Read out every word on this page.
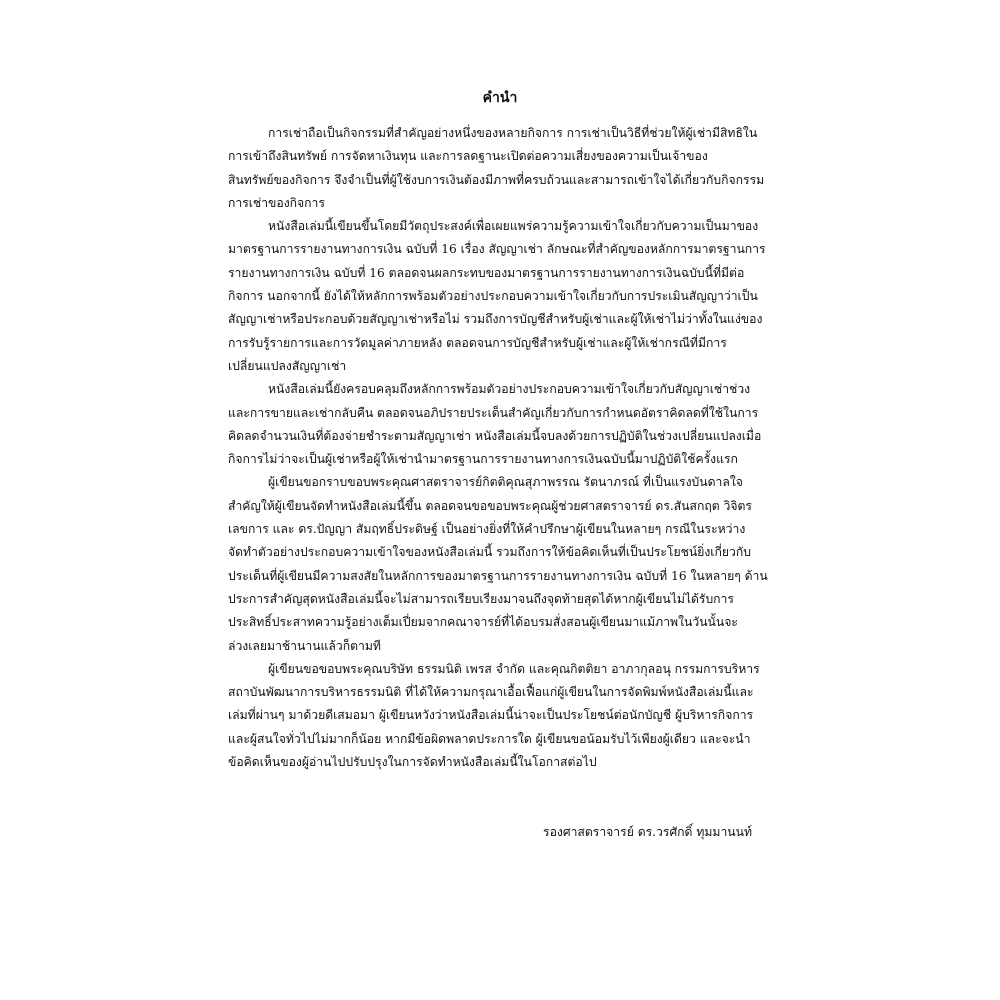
คำนำ

การเช่าถือเป็นกิจกรรมที่สำคัญอย่างหนึ่งของหลายกิจการ การเช่าเป็นวิธีที่ช่วยให้ผู้เช่ามีสิทธิใน
การเข้าถึงสินทรัพย์ การจัดหาเงินทุน และการลดฐานะเปิดต่อความเสี่ยงของความเป็นเจ้าของ
สินทรัพย์ของกิจการ จึงจำเป็นที่ผู้ใช้งบการเงินต้องมีภาพที่ครบถ้วนและสามารถเข้าใจได้เกี่ยวกับกิจกรรม
การเช่าของกิจการ

หนังสือเล่มนี้เขียนขึ้นโดยมีวัตถุประสงค์เพื่อเผยแพร่ความรู้ความเข้าใจเกี่ยวกับความเป็นมาของ
มาตรฐานการรายงานทางการเงิน ฉบับที่ 16 เรื่อง สัญญาเช่า ลักษณะที่สำคัญของหลักการมาตรฐานการ
รายงานทางการเงิน ฉบับที่ 16 ตลอดจนผลกระทบของมาตรฐานการรายงานทางการเงินฉบับนี้ที่มีต่อ
กิจการ นอกจากนี้ ยังได้ให้หลักการพร้อมตัวอย่างประกอบความเข้าใจเกี่ยวกับการประเมินสัญญาว่าเป็น
สัญญาเช่าหรือประกอบด้วยสัญญาเช่าหรือไม่ รวมถึงการบัญชีสำหรับผู้เช่าและผู้ให้เช่าไม่ว่าทั้งในแง่ของ
การรับรู้รายการและการวัดมูลค่าภายหลัง ตลอดจนการบัญชีสำหรับผู้เช่าและผู้ให้เช่ากรณีที่มีการ
เปลี่ยนแปลงสัญญาเช่า

หนังสือเล่มนี้ยังครอบคลุมถึงหลักการพร้อมตัวอย่างประกอบความเข้าใจเกี่ยวกับสัญญาเช่าช่วง
และการขายและเช่ากลับคืน ตลอดจนอภิปรายประเด็นสำคัญเกี่ยวกับการกำหนดอัตราคิดลดที่ใช้ในการ
คิดลดจำนวนเงินที่ต้องจ่ายชำระตามสัญญาเช่า หนังสือเล่มนี้จบลงด้วยการปฏิบัติในช่วงเปลี่ยนแปลงเมื่อ
กิจการไม่ว่าจะเป็นผู้เช่าหรือผู้ให้เช่านำมาตรฐานการรายงานทางการเงินฉบับนี้มาปฏิบัติใช้ครั้งแรก

ผู้เขียนขอกราบขอบพระคุณศาสตราจารย์กิตติคุณสุภาพรรณ รัตนาภรณ์ ที่เป็นแรงบันดาลใจ
สำคัญให้ผู้เขียนจัดทำหนังสือเล่มนี้ขึ้น ตลอดจนขอขอบพระคุณผู้ช่วยศาสตราจารย์ ดร.สันสกฤต วิจิตร
เลขการ และ ดร.ปัญญา สัมฤทธิ์ประดิษฐ์ เป็นอย่างยิ่งที่ให้คำปรึกษาผู้เขียนในหลายๆ กรณีในระหว่าง
จัดทำตัวอย่างประกอบความเข้าใจของหนังสือเล่มนี้ รวมถึงการให้ข้อคิดเห็นที่เป็นประโยชน์ยิ่งเกี่ยวกับ
ประเด็นที่ผู้เขียนมีความสงสัยในหลักการของมาตรฐานการรายงานทางการเงิน ฉบับที่ 16 ในหลายๆ ด้าน
ประการสำคัญสุดหนังสือเล่มนี้จะไม่สามารถเรียบเรียงมาจนถึงจุดท้ายสุดได้หากผู้เขียนไม่ได้รับการ
ประสิทธิ์ประสาทความรู้อย่างเต็มเปี่ยมจากคณาจารย์ที่ได้อบรมสั่งสอนผู้เขียนมาแม้ภาพในวันนั้นจะ
ล่วงเลยมาช้านานแล้วก็ตามที

ผู้เขียนขอขอบพระคุณบริษัท ธรรมนิติ เพรส จำกัด และคุณกิตติยา อาภากุลอนุ กรรมการบริหาร
สถาบันพัฒนาการบริหารธรรมนิติ ที่ได้ให้ความกรุณาเอื้อเฟื้อแก่ผู้เขียนในการจัดพิมพ์หนังสือเล่มนี้และ
เล่มที่ผ่านๆ มาด้วยดีเสมอมา ผู้เขียนหวังว่าหนังสือเล่มนี้น่าจะเป็นประโยชน์ต่อนักบัญชี ผู้บริหารกิจการ
และผู้สนใจทั่วไปไม่มากก็น้อย หากมีข้อผิดพลาดประการใด ผู้เขียนขอน้อมรับไว้เพียงผู้เดียว และจะนำ
ข้อคิดเห็นของผู้อ่านไปปรับปรุงในการจัดทำหนังสือเล่มนี้ในโอกาสต่อไป

รองศาสตราจารย์ ดร.วรศักดิ์ ทุมมานนท์
